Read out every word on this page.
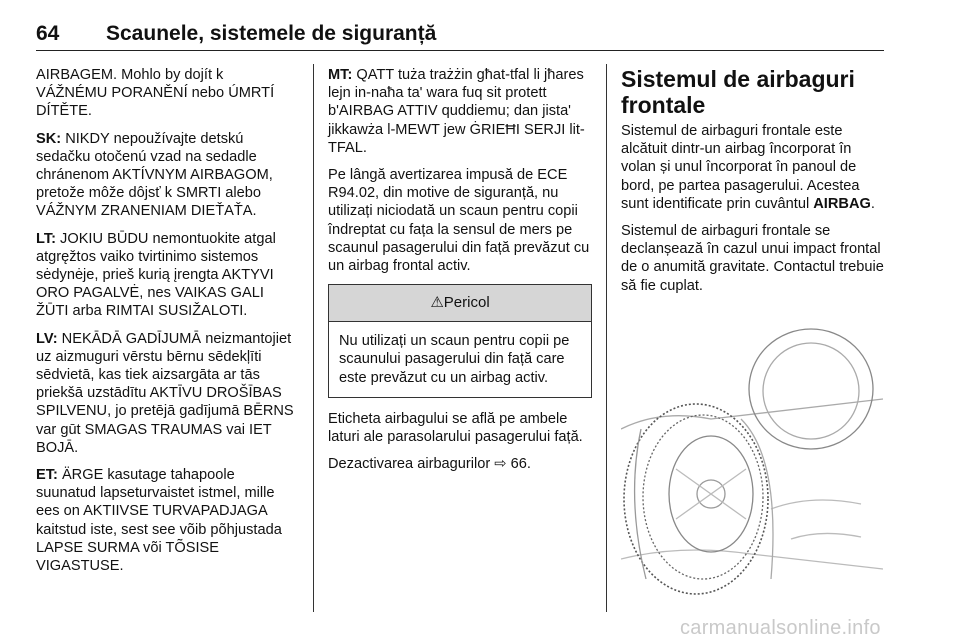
64 Scaunele, sistemele de siguranță

AIRBAGEM. Mohlo by dojít k VÁŽNÉMU PORANĚNÍ nebo ÚMRTÍ DÍTĚTE.

SK: NIKDY nepoužívajte detskú sedačku otočenú vzad na sedadle chránenom AKTÍVNYM AIRBAGOM, pretože môže dôjsť k SMRTI alebo VÁŽNYM ZRANENIAM DIEŤAŤA.

LT: JOKIU BŪDU nemontuokite atgal atgręžtos vaiko tvirtinimo sistemos sėdynėje, prieš kurią įrengta AKTYVI ORO PAGALVĖ, nes VAIKAS GALI ŽŪTI arba RIMTAI SUSIŽALOTI.

LV: NEKĀDĀ GADĪJUMĀ neizmantojiet uz aizmuguri vērstu bērnu sēdekļīti sēdvietā, kas tiek aizsargāta ar tās priekšā uzstādītu AKTĪVU DROŠĪBAS SPILVENU, jo pretējā gadījumā BĒRNS var gūt SMAGAS TRAUMAS vai IET BOJĀ.

ET: ÄRGE kasutage tahapoole suunatud lapseturvaistet istmel, mille ees on AKTIIVSE TURVAPADJAGA kaitstud iste, sest see võib põhjustada LAPSE SURMA või TÕSISE VIGASTUSE.

MT: QATT tuża trażżin għat-tfal li jħares lejn in-naħa ta' wara fuq sit protett b'AIRBAG ATTIV quddiemu; dan jista' jikkawża l-MEWT jew ĠRIEĦI SERJI lit-TFAL.

Pe lângă avertizarea impusă de ECE R94.02, din motive de siguranță, nu utilizați niciodată un scaun pentru copii îndreptat cu fața la sensul de mers pe scaunul pasagerului din față prevăzut cu un airbag frontal activ.

⚠Pericol
Nu utilizați un scaun pentru copii pe scaunului pasagerului din față care este prevăzut cu un airbag activ.

Eticheta airbagului se află pe ambele laturi ale parasolarului pasagerului față.

Dezactivarea airbagurilor ⇨ 66.

Sistemul de airbaguri frontale

Sistemul de airbaguri frontale este alcătuit dintr-un airbag încorporat în volan și unul încorporat în panoul de bord, pe partea pasagerului. Acestea sunt identificate prin cuvântul AIRBAG.

Sistemul de airbaguri frontale se declanșează în cazul unui impact frontal de o anumită gravitate. Contactul trebuie să fie cuplat.

carmanualsonline.info
